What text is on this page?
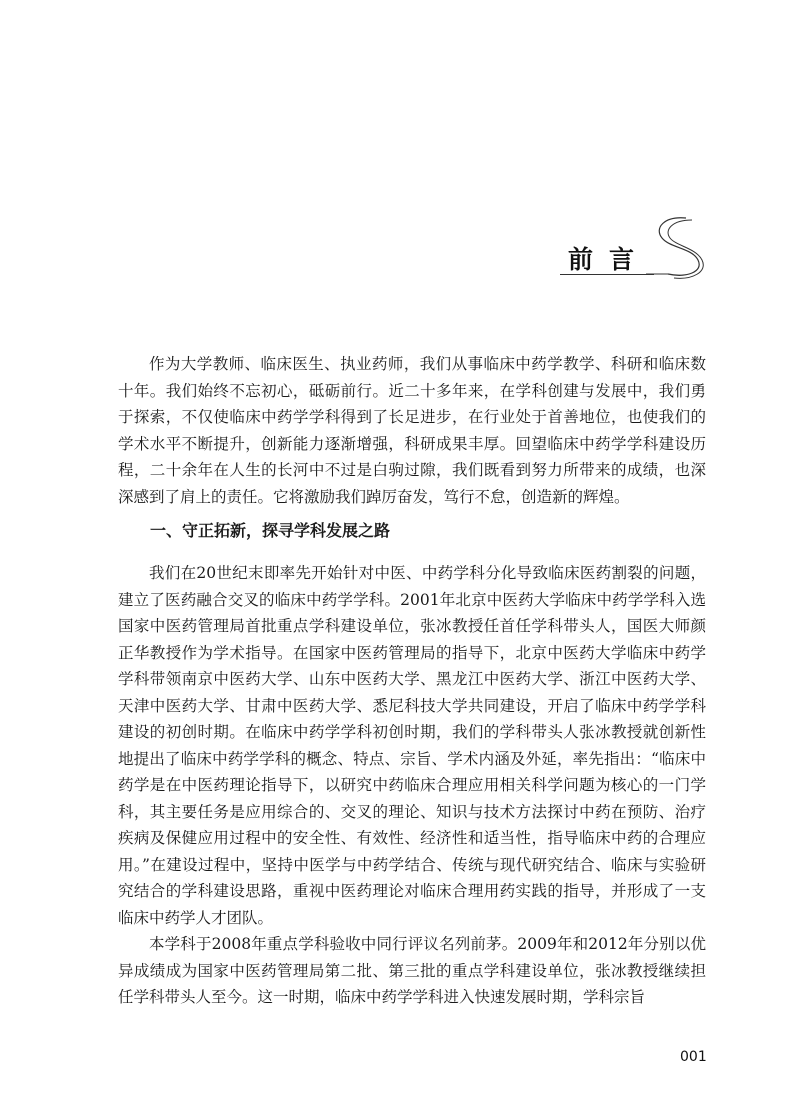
前言

作为大学教师、临床医生、执业药师，我们从事临床中药学教学、科研和临床数十年。我们始终不忘初心，砥砺前行。近二十多年来，在学科创建与发展中，我们勇于探索，不仅使临床中药学学科得到了长足进步，在行业处于首善地位，也使我们的学术水平不断提升，创新能力逐渐增强，科研成果丰厚。回望临床中药学学科建设历程，二十余年在人生的长河中不过是白驹过隙，我们既看到努力所带来的成绩，也深深感到了肩上的责任。它将激励我们踔厉奋发，笃行不怠，创造新的辉煌。

一、守正拓新，探寻学科发展之路

我们在20世纪末即率先开始针对中医、中药学科分化导致临床医药割裂的问题，建立了医药融合交叉的临床中药学学科。2001年北京中医药大学临床中药学学科入选国家中医药管理局首批重点学科建设单位，张冰教授任首任学科带头人，国医大师颜正华教授作为学术指导。在国家中医药管理局的指导下，北京中医药大学临床中药学学科带领南京中医药大学、山东中医药大学、黑龙江中医药大学、浙江中医药大学、天津中医药大学、甘肃中医药大学、悉尼科技大学共同建设，开启了临床中药学学科建设的初创时期。在临床中药学学科初创时期，我们的学科带头人张冰教授就创新性地提出了临床中药学学科的概念、特点、宗旨、学术内涵及外延，率先指出：“临床中药学是在中医药理论指导下，以研究中药临床合理应用相关科学问题为核心的一门学科，其主要任务是应用综合的、交叉的理论、知识与技术方法探讨中药在预防、治疗疾病及保健应用过程中的安全性、有效性、经济性和适当性，指导临床中药的合理应用。”在建设过程中，坚持中医学与中药学结合、传统与现代研究结合、临床与实验研究结合的学科建设思路，重视中医药理论对临床合理用药实践的指导，并形成了一支临床中药学人才团队。

本学科于2008年重点学科验收中同行评议名列前茅。2009年和2012年分别以优异成绩成为国家中医药管理局第二批、第三批的重点学科建设单位，张冰教授继续担任学科带头人至今。这一时期，临床中药学学科进入快速发展时期，学科宗旨

001
